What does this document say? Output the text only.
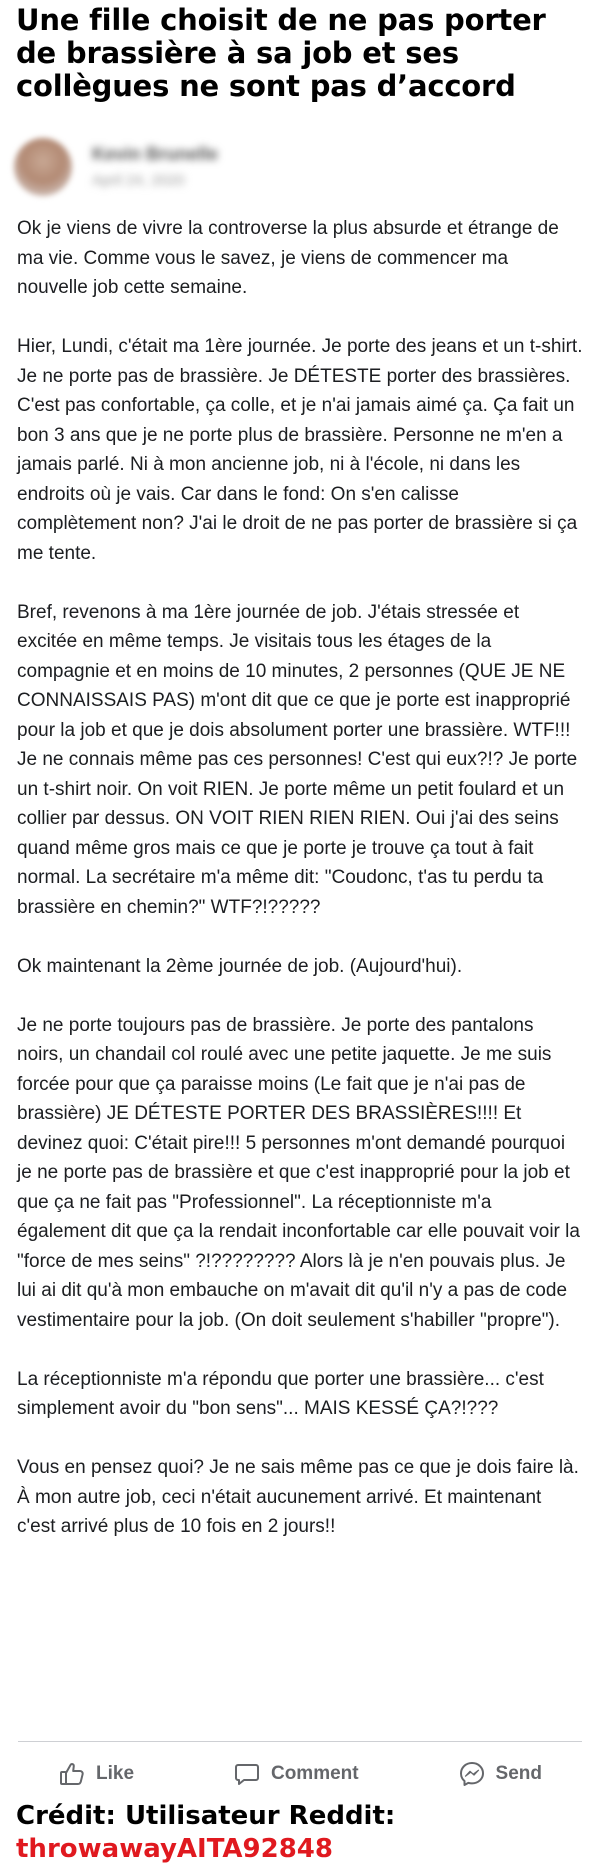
Une fille choisit de ne pas porter de brassière à sa job et ses collègues ne sont pas d’accord
Kevin Brunelle
April 24, 2020

Ok je viens de vivre la controverse la plus absurde et étrange de ma vie. Comme vous le savez, je viens de commencer ma nouvelle job cette semaine.

Hier, Lundi, c'était ma 1ère journée. Je porte des jeans et un t-shirt. Je ne porte pas de brassière. Je DÉTESTE porter des brassières. C'est pas confortable, ça colle, et je n'ai jamais aimé ça. Ça fait un bon 3 ans que je ne porte plus de brassière. Personne ne m'en a jamais parlé. Ni à mon ancienne job, ni à l'école, ni dans les endroits où je vais. Car dans le fond: On s'en calisse complètement non? J'ai le droit de ne pas porter de brassière si ça me tente.

Bref, revenons à ma 1ère journée de job. J'étais stressée et excitée en même temps. Je visitais tous les étages de la compagnie et en moins de 10 minutes, 2 personnes (QUE JE NE CONNAISSAIS PAS) m'ont dit que ce que je porte est inapproprié pour la job et que je dois absolument porter une brassière. WTF!!! Je ne connais même pas ces personnes! C'est qui eux?!? Je porte un t-shirt noir. On voit RIEN. Je porte même un petit foulard et un collier par dessus. ON VOIT RIEN RIEN RIEN. Oui j'ai des seins quand même gros mais ce que je porte je trouve ça tout à fait normal. La secrétaire m'a même dit: "Coudonc, t'as tu perdu ta brassière en chemin?" WTF?!?????

Ok maintenant la 2ème journée de job. (Aujourd'hui).

Je ne porte toujours pas de brassière. Je porte des pantalons noirs, un chandail col roulé avec une petite jaquette. Je me suis forcée pour que ça paraisse moins (Le fait que je n'ai pas de brassière) JE DÉTESTE PORTER DES BRASSIÈRES!!!! Et devinez quoi: C'était pire!!! 5 personnes m'ont demandé pourquoi je ne porte pas de brassière et que c'est inapproprié pour la job et que ça ne fait pas "Professionnel". La réceptionniste m'a également dit que ça la rendait inconfortable car elle pouvait voir la "force de mes seins" ?!???????? Alors là je n'en pouvais plus. Je lui ai dit qu'à mon embauche on m'avait dit qu'il n'y a pas de code vestimentaire pour la job. (On doit seulement s'habiller "propre").

La réceptionniste m'a répondu que porter une brassière... c'est simplement avoir du "bon sens"... MAIS KESSÉ ÇA?!???

Vous en pensez quoi? Je ne sais même pas ce que je dois faire là. À mon autre job, ceci n'était aucunement arrivé. Et maintenant c'est arrivé plus de 10 fois en 2 jours!!

Like	Comment	Send
Crédit: Utilisateur Reddit:
throwawayAITA92848
